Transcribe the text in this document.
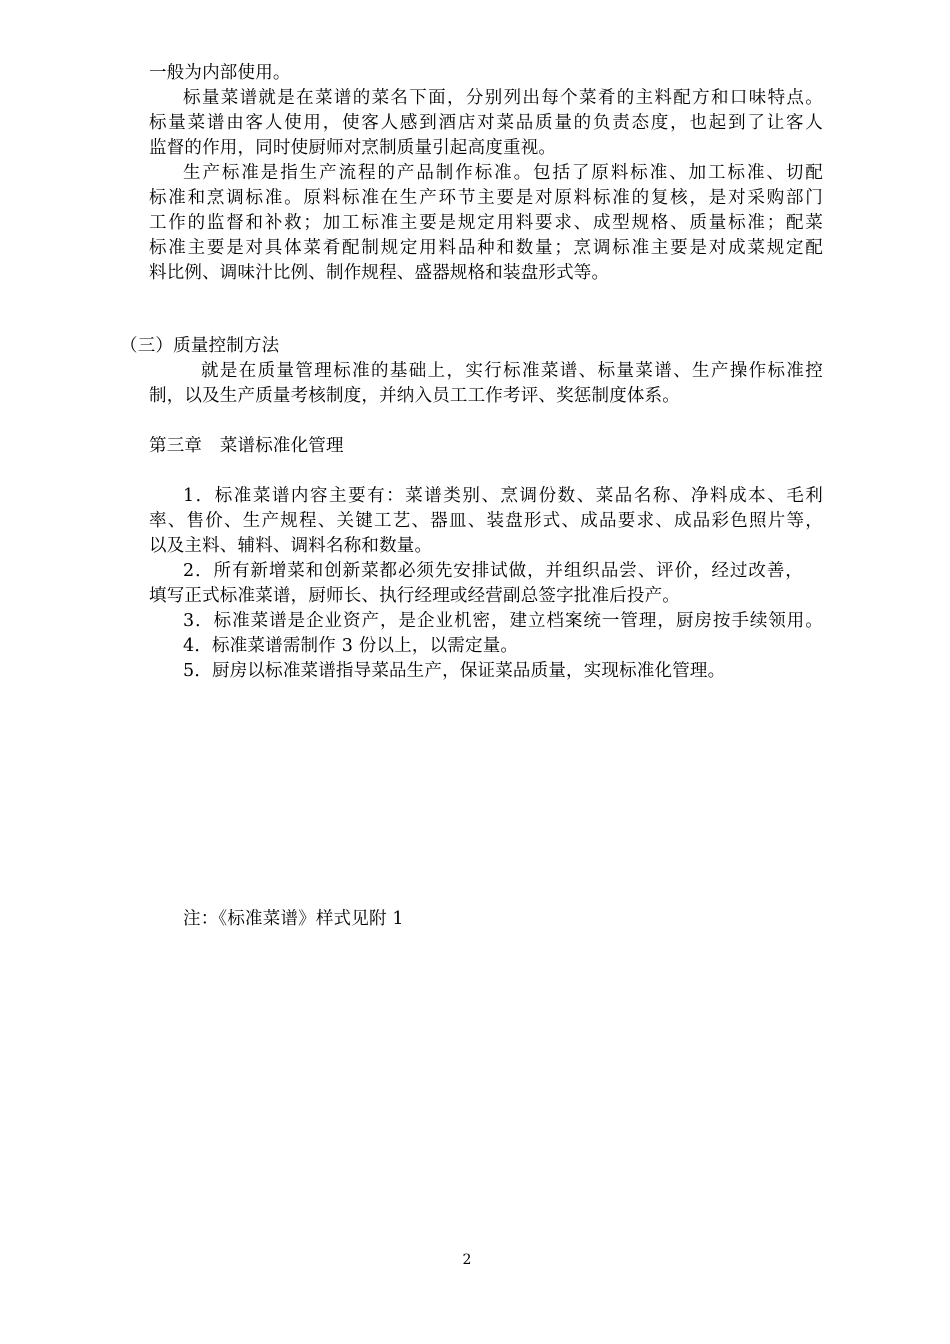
一般为内部使用。
标量菜谱就是在菜谱的菜名下面，分别列出每个菜肴的主料配方和口味特点。
标量菜谱由客人使用，使客人感到酒店对菜品质量的负责态度，也起到了让客人
监督的作用，同时使厨师对烹制质量引起高度重视。
生产标准是指生产流程的产品制作标准。包括了原料标准、加工标准、切配
标准和烹调标准。原料标准在生产环节主要是对原料标准的复核，是对采购部门
工作的监督和补救；加工标准主要是规定用料要求、成型规格、质量标准；配菜
标准主要是对具体菜肴配制规定用料品种和数量；烹调标准主要是对成菜规定配
料比例、调味汁比例、制作规程、盛器规格和装盘形式等。
（三）质量控制方法
就是在质量管理标准的基础上，实行标准菜谱、标量菜谱、生产操作标准控
制，以及生产质量考核制度，并纳入员工工作考评、奖惩制度体系。
第三章　菜谱标准化管理
1．标准菜谱内容主要有：菜谱类别、烹调份数、菜品名称、净料成本、毛利
率、售价、生产规程、关键工艺、器皿、装盘形式、成品要求、成品彩色照片等，
以及主料、辅料、调料名称和数量。
2．所有新增菜和创新菜都必须先安排试做，并组织品尝、评价，经过改善，
填写正式标准菜谱，厨师长、执行经理或经营副总签字批准后投产。
3．标准菜谱是企业资产，是企业机密，建立档案统一管理，厨房按手续领用。
4．标准菜谱需制作 3 份以上，以需定量。
5．厨房以标准菜谱指导菜品生产，保证菜品质量，实现标准化管理。
注：《标准菜谱》样式见附 1
2
